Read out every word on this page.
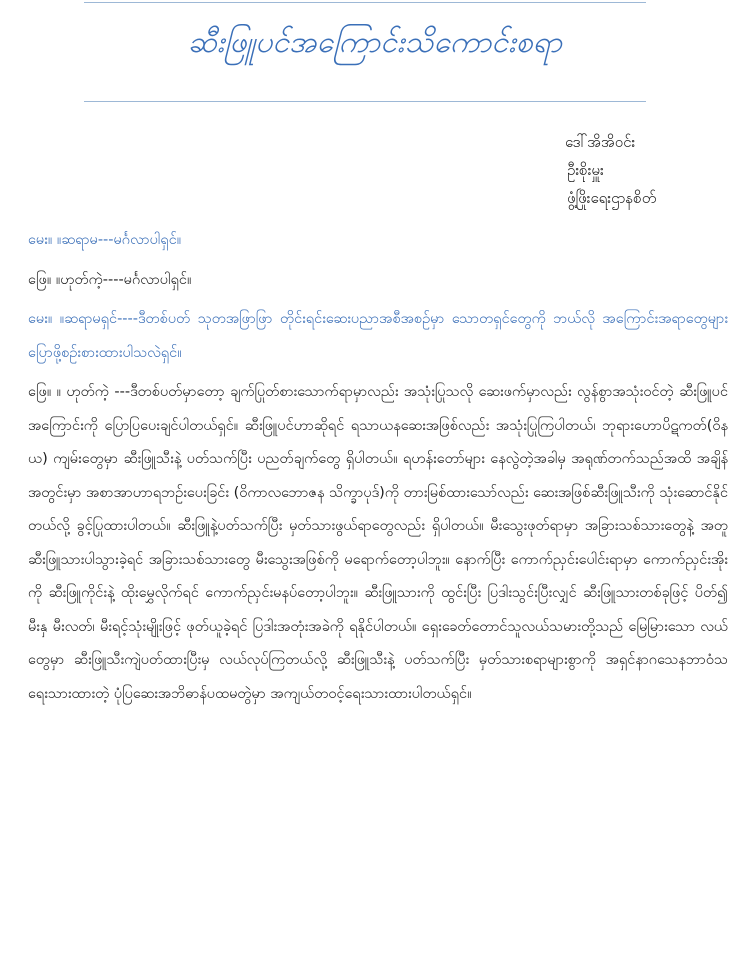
ဆီးဖြူပင်အကြောင်းသိကောင်းစရာ
ဒေါ်အိအိဝင်း
ဦးစိုးမှူး
ဖွံ့ဖြိုးရေးဌာနစိတ်

မေး။ ။ဆရာမ---မင်္ဂလာပါရှင်။

ဖြေ။ ။ဟုတ်ကဲ့----မင်္ဂလာပါရှင်။

မေး။ ။ဆရာမရှင်----ဒီတစ်ပတ် သုတအဖြာဖြာ တိုင်းရင်းဆေးပညာအစီအစဉ်မှာ သောတရှင်တွေကို ဘယ်လို အကြောင်းအရာတွေများ ပြောဖို့စဉ်းစားထားပါသလဲရှင်။

ဖြေ။ ။ ဟုတ်ကဲ့ ---ဒီတစ်ပတ်မှာတော့ ချက်ပြုတ်စားသောက်ရာမှာလည်း အသုံးပြုသလို ဆေးဖက်မှာလည်း လွန်စွာအသုံးဝင်တဲ့ ဆီးဖြူပင်အကြောင်းကို ပြောပြပေးချင်ပါတယ်ရှင်။ ဆီးဖြူပင်ဟာဆိုရင် ရသာယနဆေးအဖြစ်လည်း အသုံးပြုကြပါတယ်၊ ဘုရားဟောပိဋကတ်(ဝိနယ) ကျမ်းတွေမှာ ဆီးဖြူသီးနဲ့ ပတ်သက်ပြီး ပညတ်ချက်တွေ ရှိပါတယ်။ ရဟန်းတော်များ နေလွဲတဲ့အခါမှ အရုဏ်တက်သည်အထိ အချိန်အတွင်းမှာ အစာအာဟာရဘဉ်းပေးခြင်း (ဝိကာလဘောဇန သိက္ခာပုဒ်)ကို တားမြစ်ထားသော်လည်း ဆေးအဖြစ်ဆီးဖြူသီးကို သုံးဆောင်နိုင်တယ်လို့ ခွင့်ပြုထားပါတယ်။ ဆီးဖြူနဲ့ပတ်သက်ပြီး မှတ်သားဖွယ်ရာတွေလည်း ရှိပါတယ်။ မီးသွေးဖုတ်ရာမှာ အခြားသစ်သားတွေနဲ့ အတူ ဆီးဖြူသားပါသွားခဲ့ရင် အခြားသစ်သားတွေ မီးသွေးအဖြစ်ကို မရောက်တော့ပါဘူး။ နောက်ပြီး ကောက်ညှင်းပေါင်းရာမှာ ကောက်ညှင်းအိုးကို ဆီးဖြူကိုင်းနဲ့ ထိုးမွှေလိုက်ရင် ကောက်ညှင်းမနပ်တော့ပါဘူး။ ဆီးဖြူသားကို ထွင်းပြီး ပြဒါးသွင်းပြီးလျှင် ဆီးဖြူသားတစ်ခုဖြင့် ပိတ်၍ မီးနှ မီးလတ်၊ မီးရင့်သုံးမျိုးဖြင့် ဖုတ်ယူခဲ့ရင် ပြဒါးအတုံးအခဲကို ရနိုင်ပါတယ်။ ရှေးခေတ်တောင်သူလယ်သမားတို့သည် မြေမြားသော လယ်တွေမှာ ဆီးဖြူသီးကျဲပတ်ထားပြီးမှ လယ်လုပ်ကြတယ်လို့ ဆီးဖြူသီးနဲ့ ပတ်သက်ပြီး မှတ်သားစရာများစွာကို အရှင်နာဂသေနဘာဝံသရေးသားထားတဲ့ ပုံပြဆေးအဘိဓာန်ပထမတွဲမှာ အကျယ်တဝင့်ရေးသားထားပါတယ်ရှင်။
